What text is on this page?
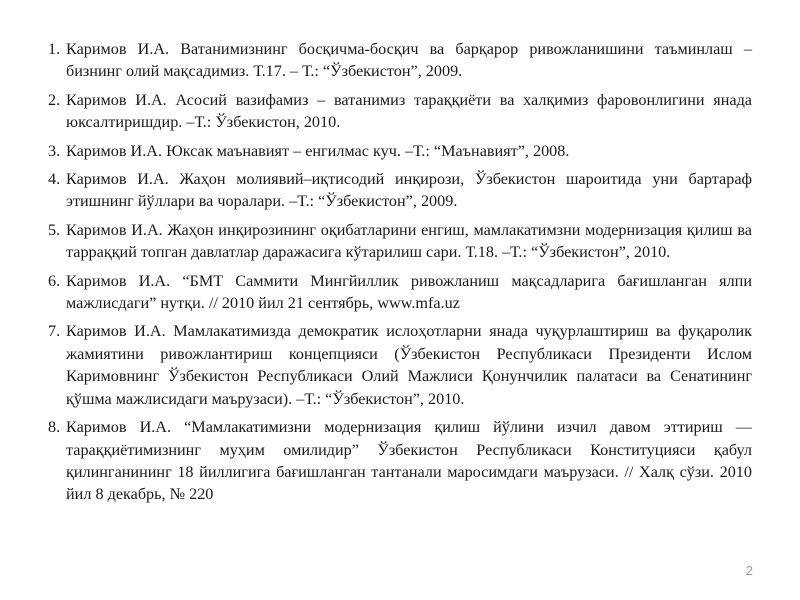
1. Каримов И.А. Ватанимизнинг босқичма-босқич ва барқарор ривожланишини таъминлаш – бизнинг олий мақсадимиз. Т.17. – Т.: “Ўзбекистон”, 2009.
2. Каримов И.А. Асосий вазифамиз – ватанимиз тараққиёти ва халқимиз фаровонлигини янада юксалтиришдир. –Т.: Ўзбекистон, 2010.
3. Каримов И.А. Юксак маънавият – енгилмас куч. –Т.: “Маънавият”, 2008.
4. Каримов И.А. Жаҳон молиявий–иқтисодий инқирози, Ўзбекистон шароитида уни бартараф этишнинг йўллари ва чоралари. –Т.: “Ўзбекистон”, 2009.
5. Каримов И.А. Жаҳон инқирозининг оқибатларини енгиш, мамлакатимзни модернизация қилиш ва тарраққий топган давлатлар даражасига кўтарилиш сари. Т.18. –Т.: “Ўзбекистон”, 2010.
6. Каримов И.А. “БМТ Саммити Мингйиллик ривожланиш мақсадларига бағишланган ялпи мажлисдаги” нутқи. // 2010 йил 21 сентябрь, www.mfa.uz
7. Каримов И.А. Мамлакатимизда демократик ислоҳотларни янада чуқурлаштириш ва фуқаролик жамиятини ривожлантириш концепцияси (Ўзбекистон Республикаси Президенти Ислом Каримовнинг Ўзбекистон Республикаси Олий Мажлиси Қонунчилик палатаси ва Сенатининг қўшма мажлисидаги маърузаси). –Т.: “Ўзбекистон”, 2010.
8. Каримов И.А. “Мамлакатимизни модернизация қилиш йўлини изчил давом эттириш — тараққиётимизнинг муҳим омилидир” Ўзбекистон Республикаси Конституцияси қабул қилинганининг 18 йиллигига бағишланган тантанали маросимдаги маърузаси. // Халқ сўзи. 2010 йил 8 декабрь, № 220
2
